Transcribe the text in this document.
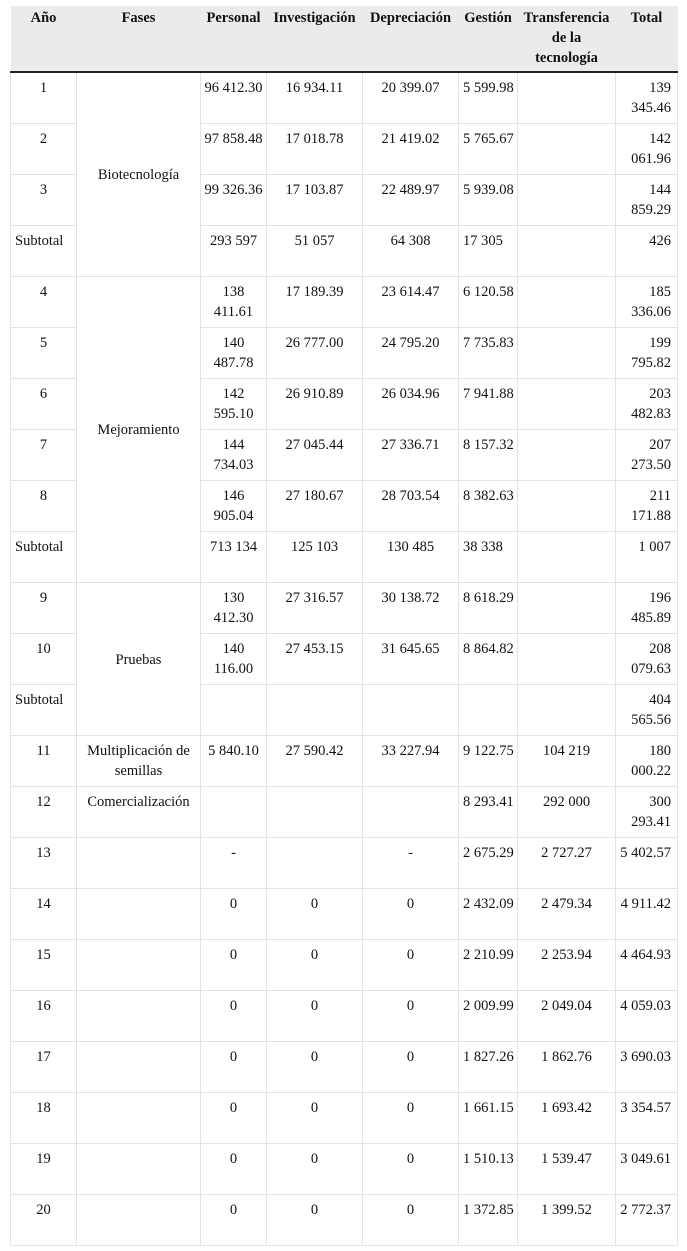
Año	Fases	Personal	Investigación	Depreciación	Gestión	Transferencia de la tecnología	Total
1	Biotecnología	96 412.30	16 934.11	20 399.07	5 599.98		139 345.46
2		97 858.48	17 018.78	21 419.02	5 765.67		142 061.96
3		99 326.36	17 103.87	22 489.97	5 939.08		144 859.29
Subtotal		293 597	51 057	64 308	17 305		426
4	Mejoramiento	138 411.61	17 189.39	23 614.47	6 120.58		185 336.06
5		140 487.78	26 777.00	24 795.20	7 735.83		199 795.82
6		142 595.10	26 910.89	26 034.96	7 941.88		203 482.83
7		144 734.03	27 045.44	27 336.71	8 157.32		207 273.50
8		146 905.04	27 180.67	28 703.54	8 382.63		211 171.88
Subtotal		713 134	125 103	130 485	38 338		1 007
9	Pruebas	130 412.30	27 316.57	30 138.72	8 618.29		196 485.89
10		140 116.00	27 453.15	31 645.65	8 864.82		208 079.63
Subtotal							404 565.56
11	Multiplicación de semillas	5 840.10	27 590.42	33 227.94	9 122.75	104 219	180 000.22
12	Comercialización				8 293.41	292 000	300 293.41
13		-		-	2 675.29	2 727.27	5 402.57
14		0	0	0	2 432.09	2 479.34	4 911.42
15		0	0	0	2 210.99	2 253.94	4 464.93
16		0	0	0	2 009.99	2 049.04	4 059.03
17		0	0	0	1 827.26	1 862.76	3 690.03
18		0	0	0	1 661.15	1 693.42	3 354.57
19		0	0	0	1 510.13	1 539.47	3 049.61
20		0	0	0	1 372.85	1 399.52	2 772.37
